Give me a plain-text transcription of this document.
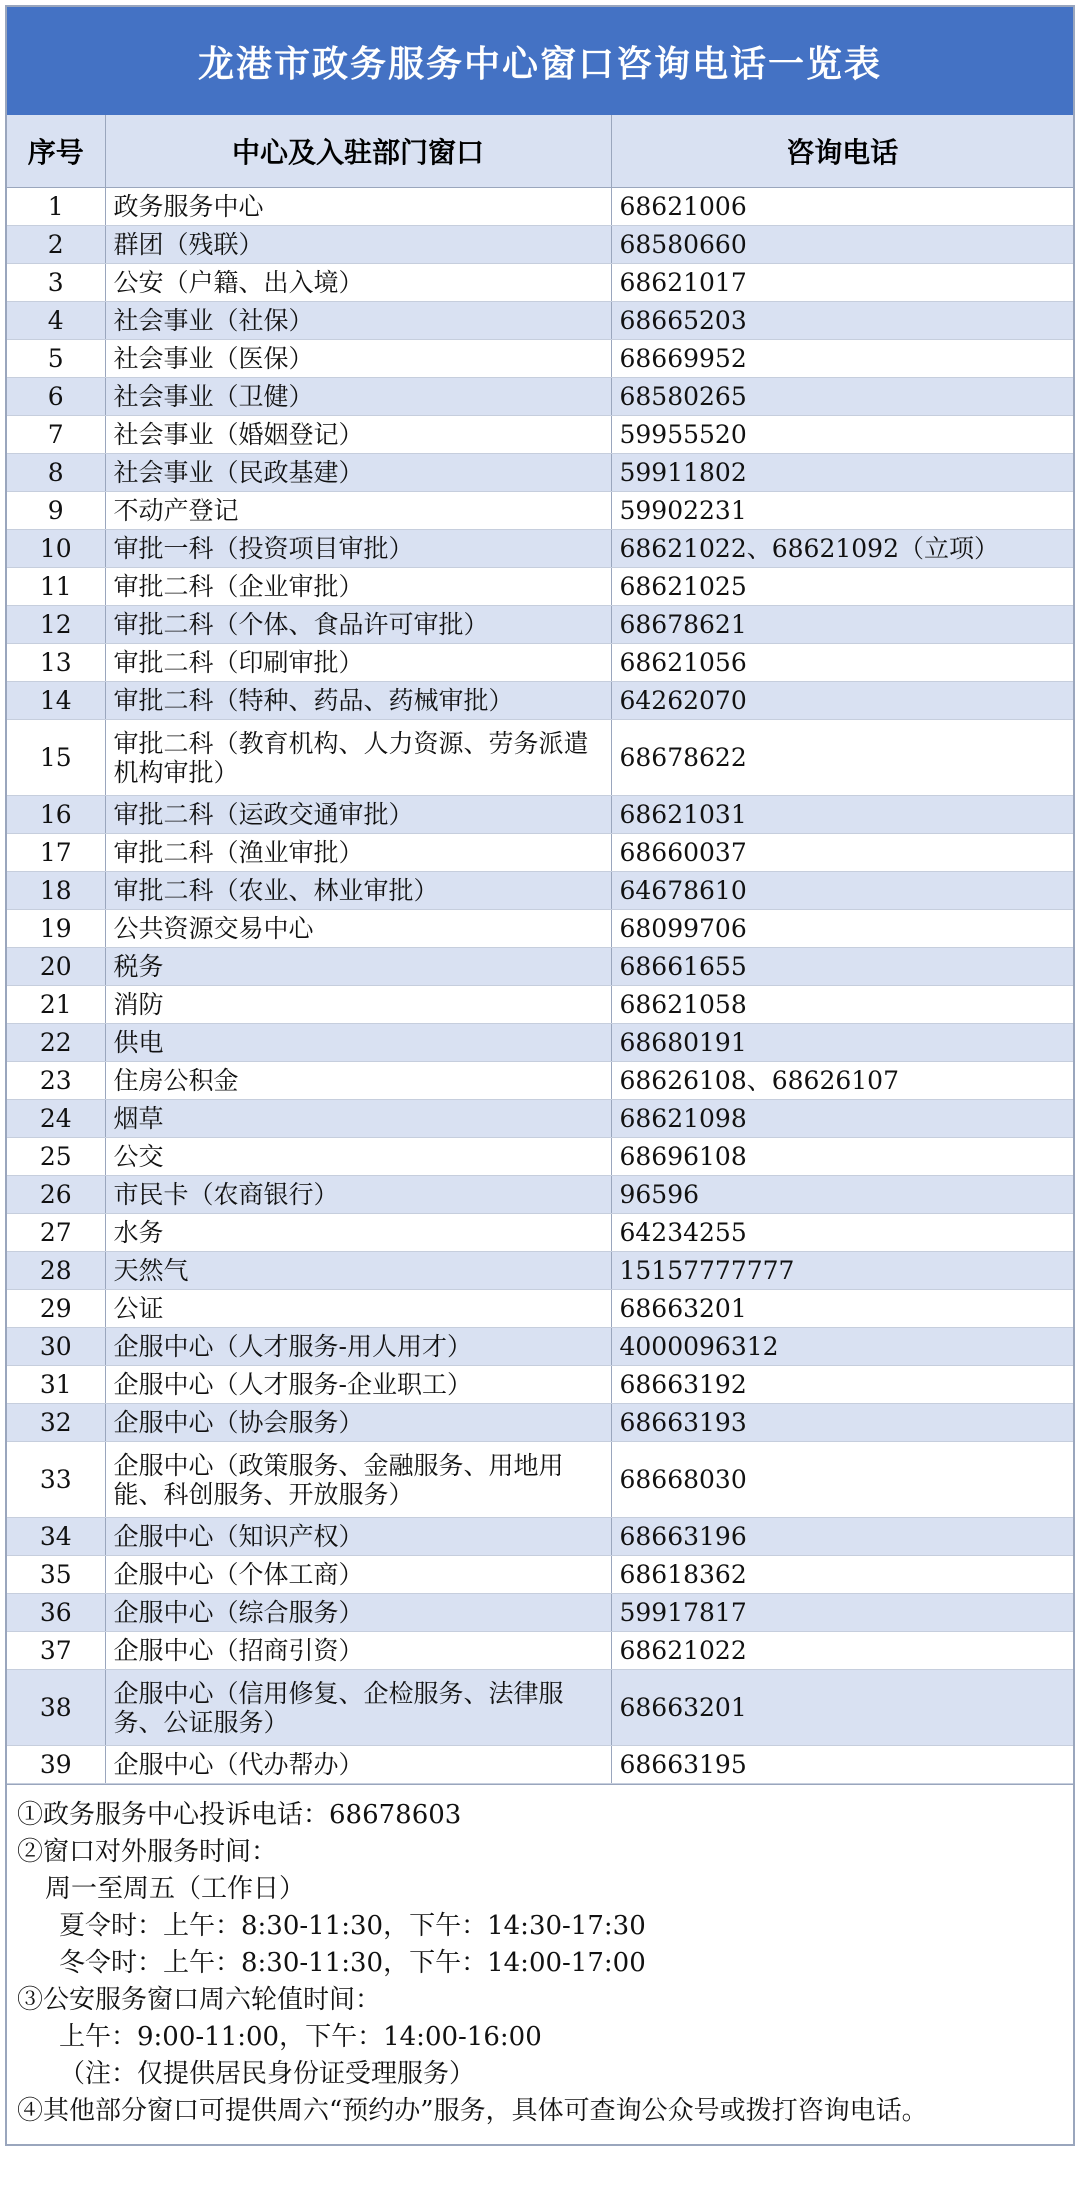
龙港市政务服务中心窗口咨询电话一览表
序号	中心及入驻部门窗口	咨询电话
1	政务服务中心	68621006
2	群团（残联）	68580660
3	公安（户籍、出入境）	68621017
4	社会事业（社保）	68665203
5	社会事业（医保）	68669952
6	社会事业（卫健）	68580265
7	社会事业（婚姻登记）	59955520
8	社会事业（民政基建）	59911802
9	不动产登记	59902231
10	审批一科（投资项目审批）	68621022、68621092（立项）
11	审批二科（企业审批）	68621025
12	审批二科（个体、食品许可审批）	68678621
13	审批二科（印刷审批）	68621056
14	审批二科（特种、药品、药械审批）	64262070
15	审批二科（教育机构、人力资源、劳务派遣机构审批）	68678622
16	审批二科（运政交通审批）	68621031
17	审批二科（渔业审批）	68660037
18	审批二科（农业、林业审批）	64678610
19	公共资源交易中心	68099706
20	税务	68661655
21	消防	68621058
22	供电	68680191
23	住房公积金	68626108、68626107
24	烟草	68621098
25	公交	68696108
26	市民卡（农商银行）	96596
27	水务	64234255
28	天然气	15157777777
29	公证	68663201
30	企服中心（人才服务-用人用才）	4000096312
31	企服中心（人才服务-企业职工）	68663192
32	企服中心（协会服务）	68663193
33	企服中心（政策服务、金融服务、用地用能、科创服务、开放服务）	68668030
34	企服中心（知识产权）	68663196
35	企服中心（个体工商）	68618362
36	企服中心（综合服务）	59917817
37	企服中心（招商引资）	68621022
38	企服中心（信用修复、企检服务、法律服务、公证服务）	68663201
39	企服中心（代办帮办）	68663195
①政务服务中心投诉电话：68678603
②窗口对外服务时间：
周一至周五（工作日）
夏令时：上午：8:30-11:30，下午：14:30-17:30
冬令时：上午：8:30-11:30，下午：14:00-17:00
③公安服务窗口周六轮值时间：
上午：9:00-11:00，下午：14:00-16:00
（注：仅提供居民身份证受理服务）
④其他部分窗口可提供周六“预约办”服务，具体可查询公众号或拨打咨询电话。
